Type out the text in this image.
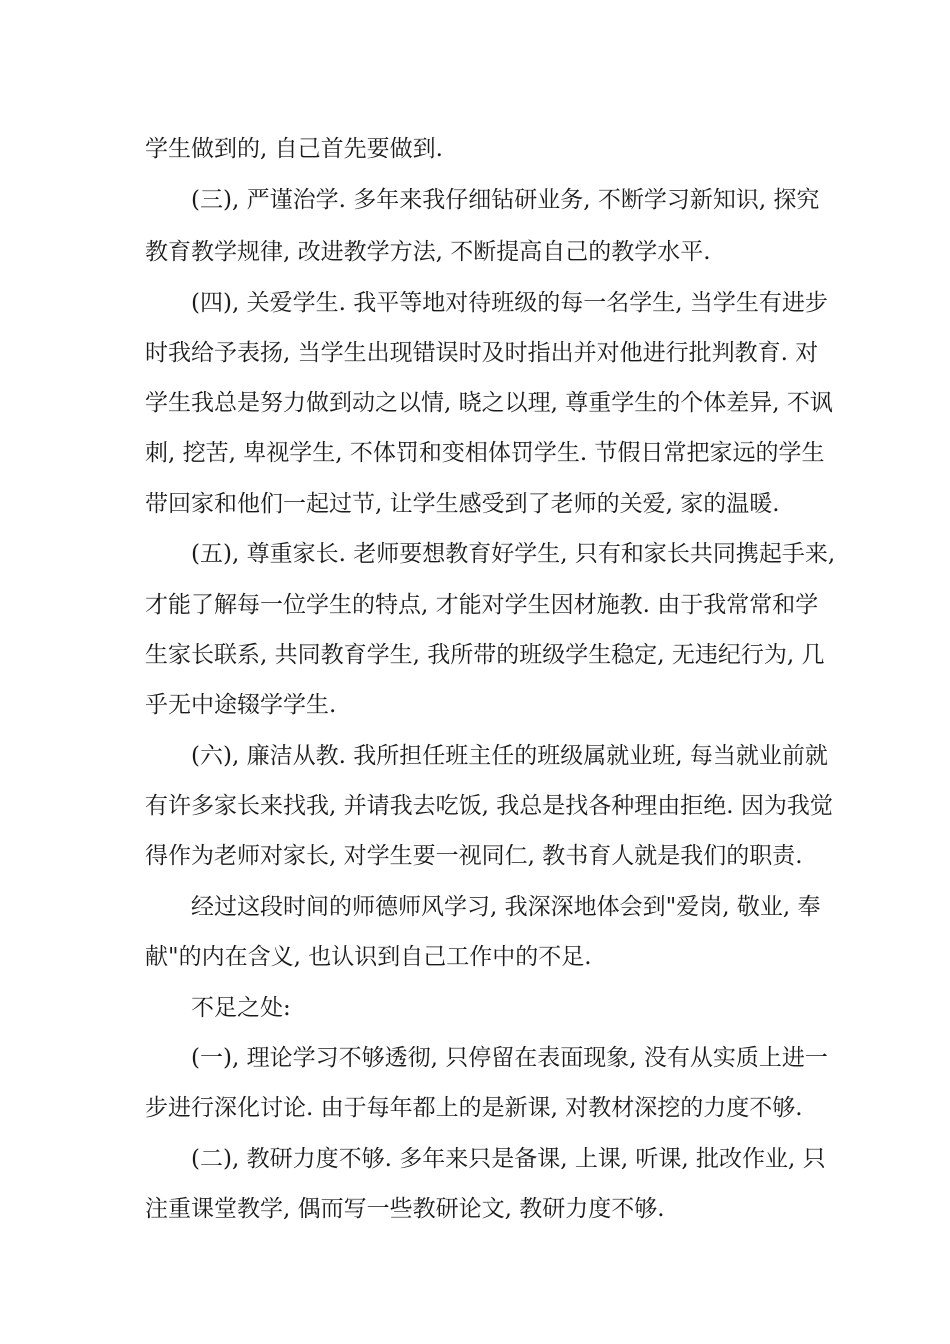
学生做到的, 自己首先要做到.
(三), 严谨治学. 多年来我仔细钻研业务, 不断学习新知识, 探究
教育教学规律, 改进教学方法, 不断提高自己的教学水平.
(四), 关爱学生. 我平等地对待班级的每一名学生, 当学生有进步
时我给予表扬, 当学生出现错误时及时指出并对他进行批判教育. 对
学生我总是努力做到动之以情, 晓之以理, 尊重学生的个体差异, 不讽
刺, 挖苦, 卑视学生, 不体罚和变相体罚学生. 节假日常把家远的学生
带回家和他们一起过节, 让学生感受到了老师的关爱, 家的温暖.
(五), 尊重家长. 老师要想教育好学生, 只有和家长共同携起手来,
才能了解每一位学生的特点, 才能对学生因材施教. 由于我常常和学
生家长联系, 共同教育学生, 我所带的班级学生稳定, 无违纪行为, 几
乎无中途辍学学生.
(六), 廉洁从教. 我所担任班主任的班级属就业班, 每当就业前就
有许多家长来找我, 并请我去吃饭, 我总是找各种理由拒绝. 因为我觉
得作为老师对家长, 对学生要一视同仁, 教书育人就是我们的职责.
经过这段时间的师德师风学习, 我深深地体会到"爱岗, 敬业, 奉
献"的内在含义, 也认识到自己工作中的不足.
不足之处:
(一), 理论学习不够透彻, 只停留在表面现象, 没有从实质上进一
步进行深化讨论. 由于每年都上的是新课, 对教材深挖的力度不够.
(二), 教研力度不够. 多年来只是备课, 上课, 听课, 批改作业, 只
注重课堂教学, 偶而写一些教研论文, 教研力度不够.
